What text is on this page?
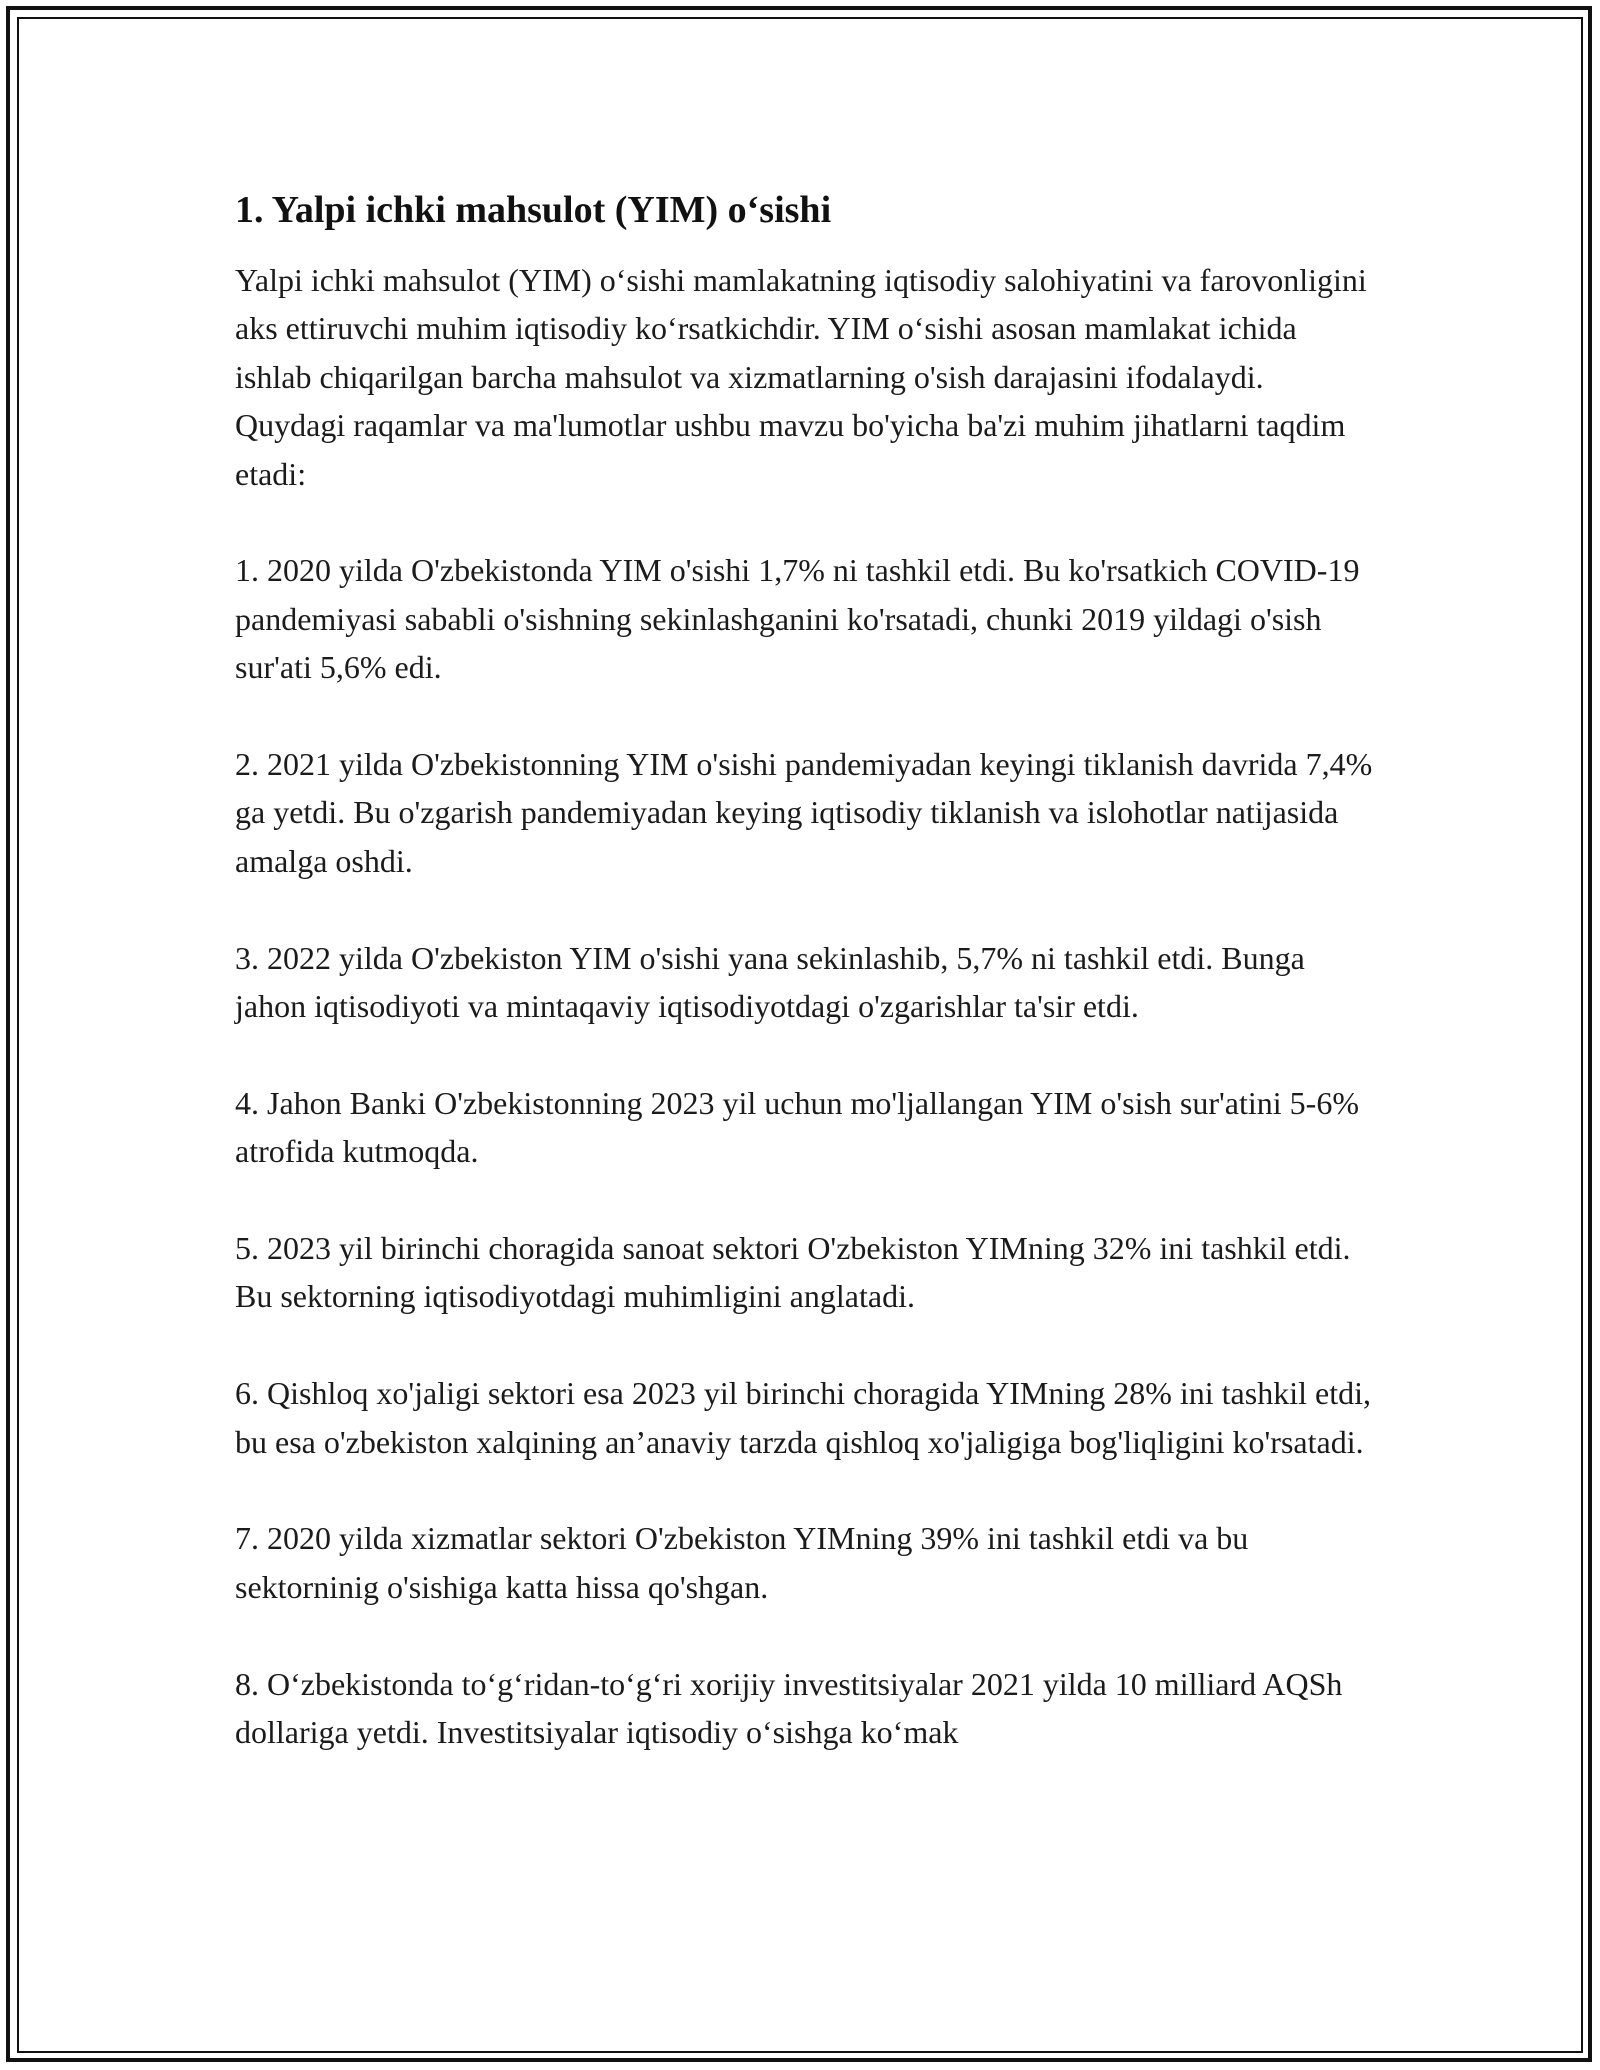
1. Yalpi ichki mahsulot (YIM) oʻsishi

Yalpi ichki mahsulot (YIM) oʻsishi mamlakatning iqtisodiy salohiyatini va farovonligini aks ettiruvchi muhim iqtisodiy koʻrsatkichdir. YIM oʻsishi asosan mamlakat ichida ishlab chiqarilgan barcha mahsulot va xizmatlarning o'sish darajasini ifodalaydi. Quydagi raqamlar va ma'lumotlar ushbu mavzu bo'yicha ba'zi muhim jihatlarni taqdim etadi:

1. 2020 yilda O'zbekistonda YIM o'sishi 1,7% ni tashkil etdi. Bu ko'rsatkich COVID-19 pandemiyasi sababli o'sishning sekinlashganini ko'rsatadi, chunki 2019 yildagi o'sish sur'ati 5,6% edi.

2. 2021 yilda O'zbekistonning YIM o'sishi pandemiyadan keyingi tiklanish davrida 7,4% ga yetdi. Bu o'zgarish pandemiyadan keying iqtisodiy tiklanish va islohotlar natijasida amalga oshdi.

3. 2022 yilda O'zbekiston YIM o'sishi yana sekinlashib, 5,7% ni tashkil etdi. Bunga jahon iqtisodiyoti va mintaqaviy iqtisodiyotdagi o'zgarishlar ta'sir etdi.

4. Jahon Banki O'zbekistonning 2023 yil uchun mo'ljallangan YIM o'sish sur'atini 5-6% atrofida kutmoqda.

5. 2023 yil birinchi choragida sanoat sektori O'zbekiston YIMning 32% ini tashkil etdi. Bu sektorning iqtisodiyotdagi muhimligini anglatadi.

6. Qishloq xo'jaligi sektori esa 2023 yil birinchi choragida YIMning 28% ini tashkil etdi, bu esa o'zbekiston xalqining an’anaviy tarzda qishloq xo'jaligiga bog'liqligini ko'rsatadi.

7. 2020 yilda xizmatlar sektori O'zbekiston YIMning 39% ini tashkil etdi va bu sektorninig o'sishiga katta hissa qo'shgan.

8. Oʻzbekistonda toʻgʻridan-toʻgʻri xorijiy investitsiyalar 2021 yilda 10 milliard AQSh dollariga yetdi. Investitsiyalar iqtisodiy oʻsishga koʻmak
